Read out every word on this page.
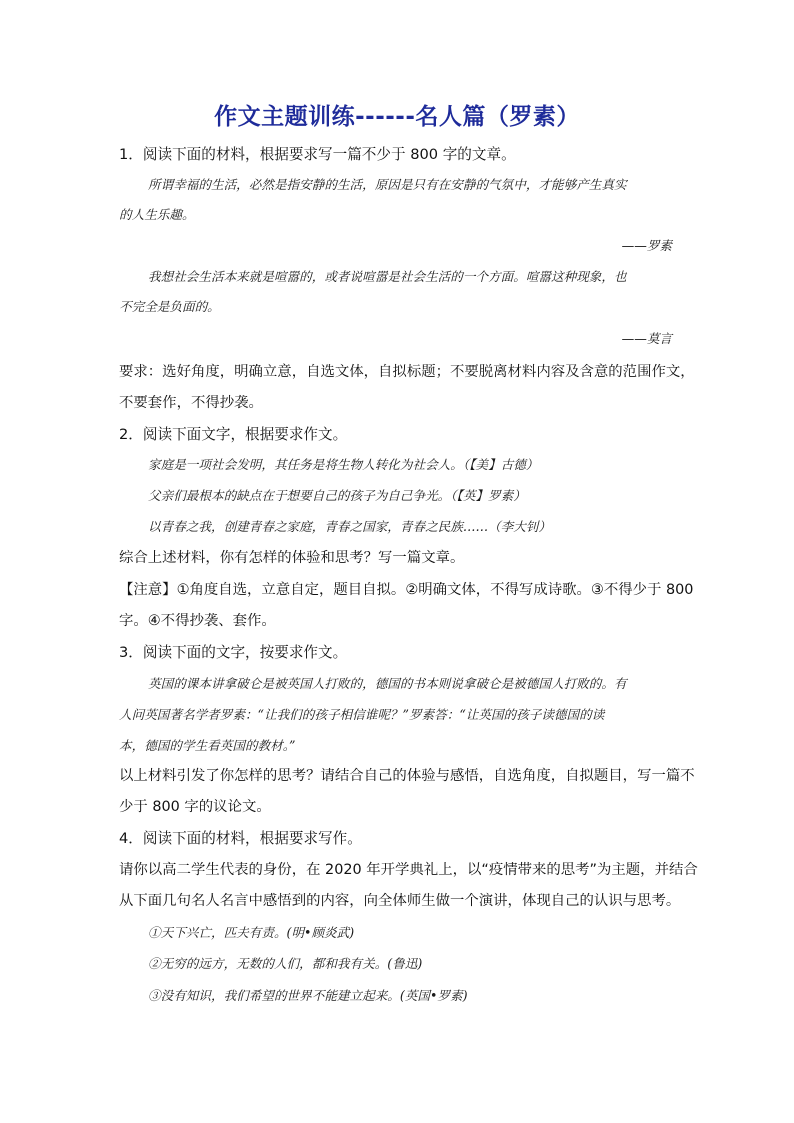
作文主题训练------名人篇（罗素）
1．阅读下面的材料，根据要求写一篇不少于 800 字的文章。
所谓幸福的生活，必然是指安静的生活，原因是只有在安静的气氛中，才能够产生真实
的人生乐趣。
——罗素
我想社会生活本来就是喧嚣的，或者说喧嚣是社会生活的一个方面。喧嚣这种现象，也
不完全是负面的。
——莫言
要求：选好角度，明确立意，自选文体，自拟标题；不要脱离材料内容及含意的范围作文，
不要套作，不得抄袭。
2．阅读下面文字，根据要求作文。
家庭是一项社会发明，其任务是将生物人转化为社会人。（【美】古德）
父亲们最根本的缺点在于想要自己的孩子为自己争光。（【英】罗素）
以青春之我，创建青春之家庭，青春之国家，青春之民族……（李大钊）
综合上述材料，你有怎样的体验和思考？写一篇文章。
【注意】①角度自选，立意自定，题目自拟。②明确文体，不得写成诗歌。③不得少于 800
字。④不得抄袭、套作。
3．阅读下面的文字，按要求作文。
英国的课本讲拿破仑是被英国人打败的，德国的书本则说拿破仑是被德国人打败的。有
人问英国著名学者罗素：“让我们的孩子相信谁呢？”罗素答：“让英国的孩子读德国的读
本，德国的学生看英国的教材。”
以上材料引发了你怎样的思考？请结合自己的体验与感悟，自选角度，自拟题目，写一篇不
少于 800 字的议论文。
4．阅读下面的材料，根据要求写作。
请你以高二学生代表的身份，在 2020 年开学典礼上，以“疫情带来的思考”为主题，并结合
从下面几句名人名言中感悟到的内容，向全体师生做一个演讲，体现自己的认识与思考。
①天下兴亡，匹夫有责。(明•顾炎武)
②无穷的远方，无数的人们，都和我有关。(鲁迅)
③没有知识，我们希望的世界不能建立起来。(英国•罗素)
